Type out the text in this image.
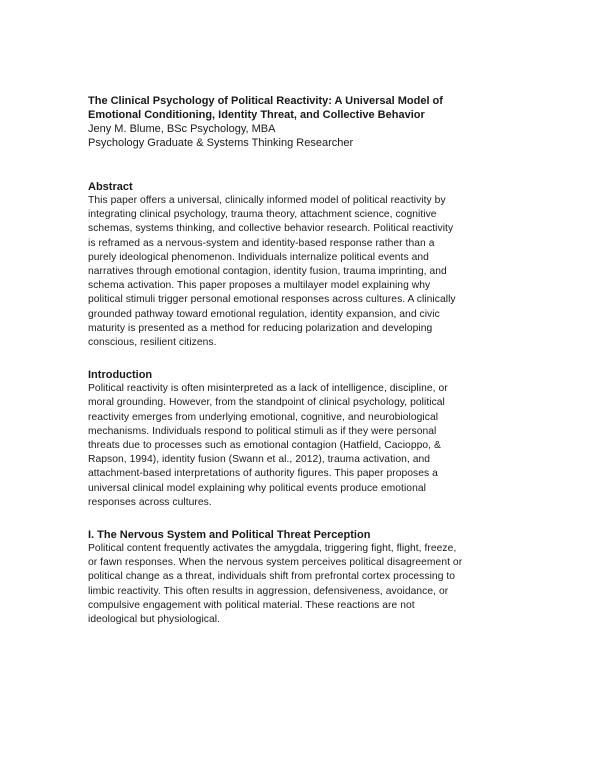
The Clinical Psychology of Political Reactivity: A Universal Model of
Emotional Conditioning, Identity Threat, and Collective Behavior

Jeny M. Blume, BSc Psychology, MBA

Psychology Graduate & Systems Thinking Researcher

Abstract

This paper offers a universal, clinically informed model of political reactivity by
integrating clinical psychology, trauma theory, attachment science, cognitive
schemas, systems thinking, and collective behavior research. Political reactivity
is reframed as a nervous-system and identity-based response rather than a
purely ideological phenomenon. Individuals internalize political events and
narratives through emotional contagion, identity fusion, trauma imprinting, and
schema activation. This paper proposes a multilayer model explaining why
political stimuli trigger personal emotional responses across cultures. A clinically
grounded pathway toward emotional regulation, identity expansion, and civic
maturity is presented as a method for reducing polarization and developing
conscious, resilient citizens.

Introduction

Political reactivity is often misinterpreted as a lack of intelligence, discipline, or
moral grounding. However, from the standpoint of clinical psychology, political
reactivity emerges from underlying emotional, cognitive, and neurobiological
mechanisms. Individuals respond to political stimuli as if they were personal
threats due to processes such as emotional contagion (Hatfield, Cacioppo, &
Rapson, 1994), identity fusion (Swann et al., 2012), trauma activation, and
attachment-based interpretations of authority figures. This paper proposes a
universal clinical model explaining why political events produce emotional
responses across cultures.

I. The Nervous System and Political Threat Perception

Political content frequently activates the amygdala, triggering fight, flight, freeze,
or fawn responses. When the nervous system perceives political disagreement or
political change as a threat, individuals shift from prefrontal cortex processing to
limbic reactivity. This often results in aggression, defensiveness, avoidance, or
compulsive engagement with political material. These reactions are not
ideological but physiological.
